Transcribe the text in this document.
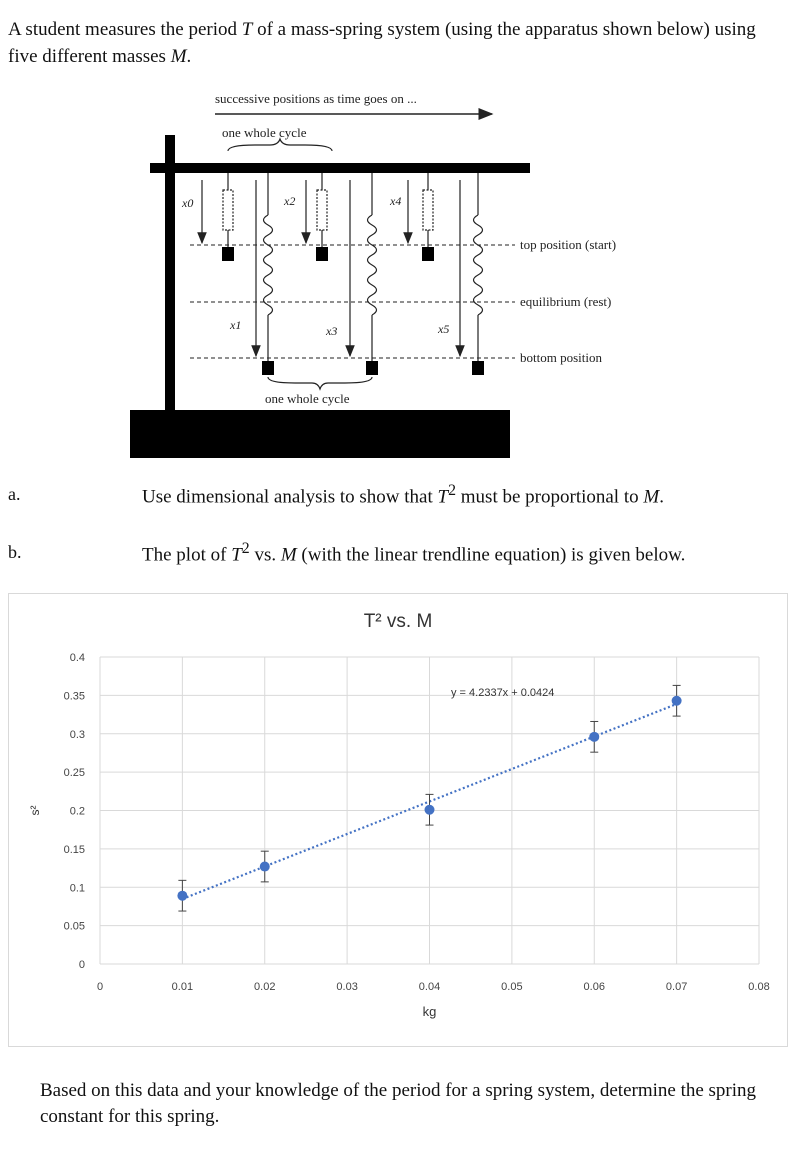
A student measures the period T of a mass-spring system (using the apparatus shown below) using five different masses M.
successive positions as time goes on ...
one whole cycle
x0
x1
x2
x3
x4
x5
top position (start)
equilibrium (rest)
bottom position
one whole cycle
a.	Use dimensional analysis to show that $T^2$ must be proportional to M.
b.	The plot of $T^2$ vs. M (with the linear trendline equation) is given below.
0	0.01	0.02	0.03	0.04	0.05	0.06	0.07	0.08
0
0.05
0.1
0.15
0.2
0.25
0.3
0.35
0.4
T² vs. M
kg
s²
y = 4.2337x + 0.0424
Based on this data and your knowledge of the period for a spring system, determine the spring constant for this spring.
